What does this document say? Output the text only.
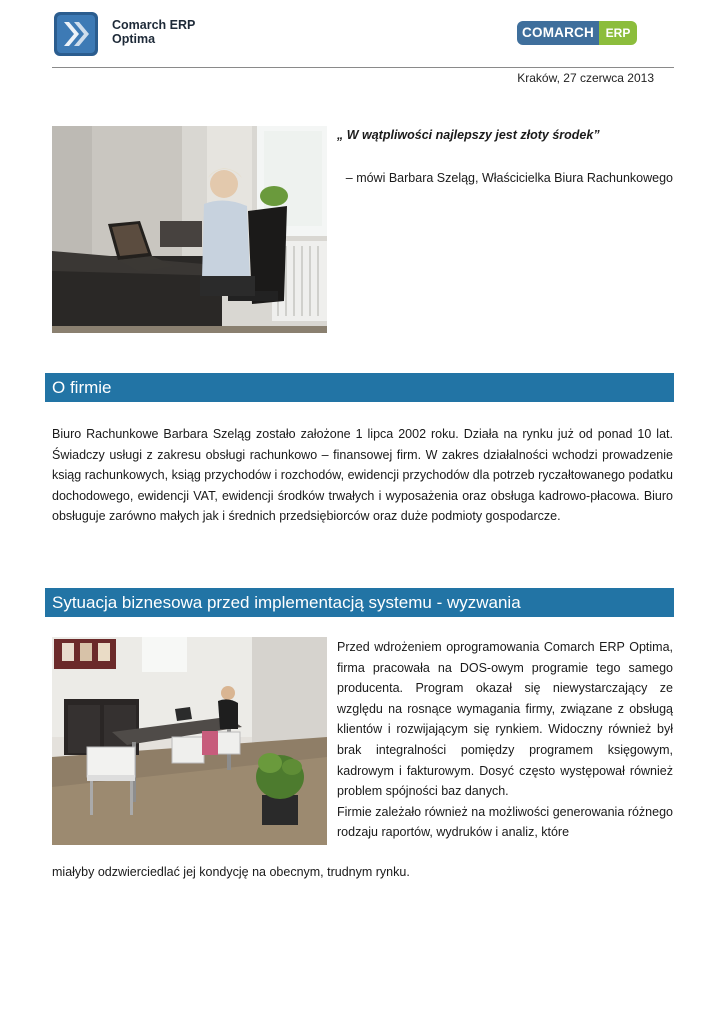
Comarch ERP
Optima	COMARCH ERP
Kraków, 27 czerwca 2013
„ W wątpliwości najlepszy jest złoty środek”
– mówi Barbara Szeląg, Właścicielka Biura Rachunkowego
O firmie
Biuro Rachunkowe Barbara Szeląg zostało założone 1 lipca 2002 roku. Działa na rynku już od ponad 10 lat. Świadczy usługi z zakresu obsługi rachunkowo – finansowej firm. W zakres działalności wchodzi prowadzenie ksiąg rachunkowych, ksiąg przychodów i rozchodów, ewidencji przychodów dla potrzeb ryczałtowanego podatku dochodowego, ewidencji VAT, ewidencji środków trwałych i wyposażenia oraz obsługa kadrowo-płacowa. Biuro obsługuje zarówno małych jak i średnich przedsiębiorców oraz duże podmioty gospodarcze.
Sytuacja biznesowa przed implementacją systemu - wyzwania

Przed wdrożeniem oprogramowania Comarch ERP Optima, firma pracowała na DOS-owym programie tego samego producenta. Program okazał się niewystarczający ze względu na rosnące wymagania firmy, związane z obsługą klientów i rozwijającym się rynkiem. Widoczny również był brak integralności pomiędzy programem księgowym, kadrowym i fakturowym. Dosyć często występował również problem spójności baz danych.

Firmie zależało również na możliwości generowania różnego rodzaju raportów, wydruków i analiz, które

miałyby odzwierciedlać jej kondycję na obecnym, trudnym rynku.
